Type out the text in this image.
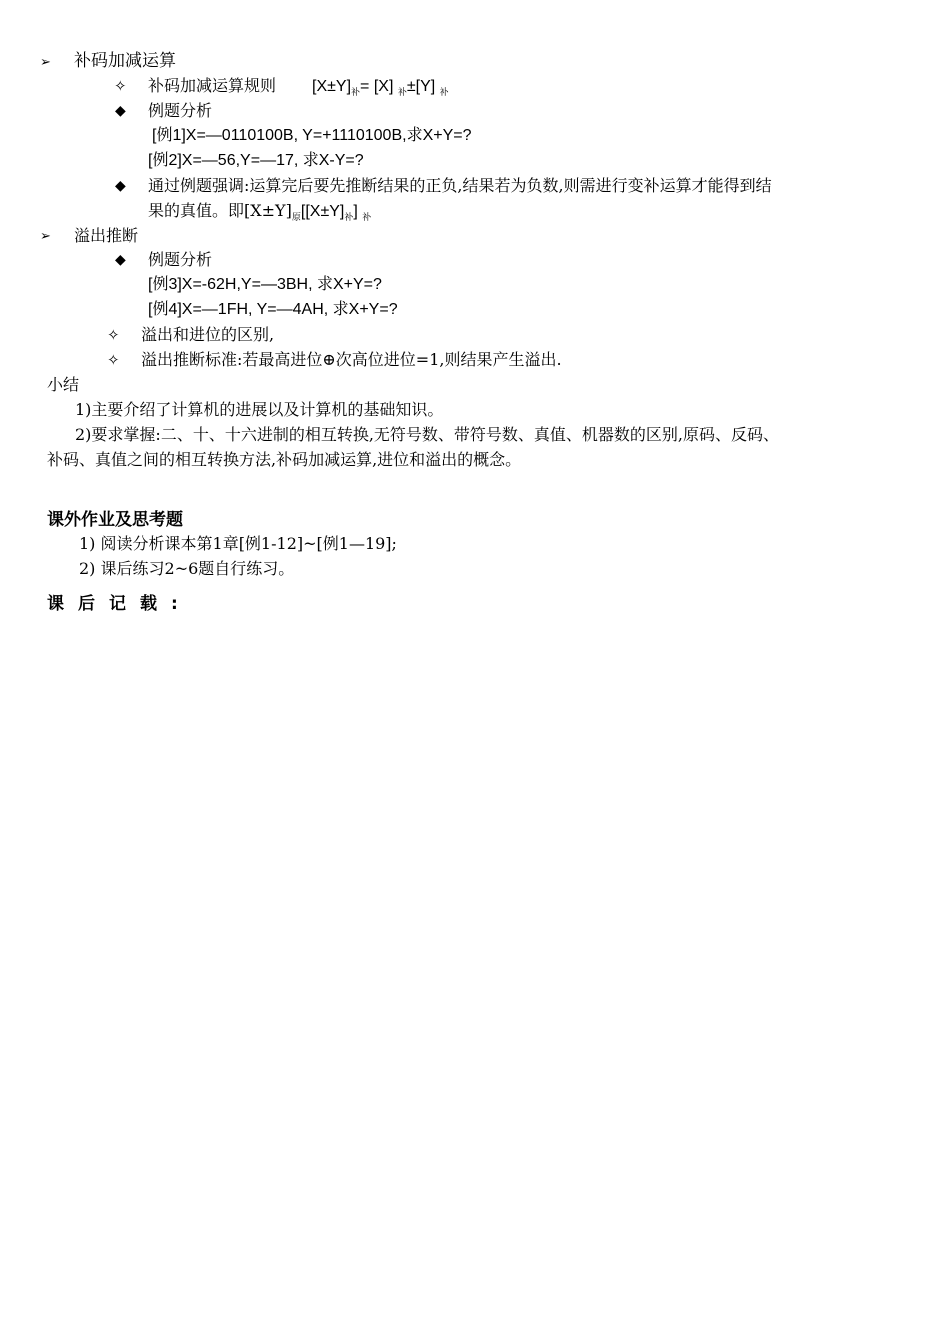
➢ 补码加减运算
✧ 补码加减运算规则 $[X\pm Y]_补= [X]$ $_补$±[Y] $_补$
◆ 例题分析
[例1]X=—0110100B, Y=+1110100B,求X+Y=?
[例2]X=—56,Y=—17, 求X-Y=?
◆ 通过例题强调:运算完后要先推断结果的正负,结果若为负数,则需进行变补运算才能得到结
果的真值。即$[X\pm Y]_原[[X\pm Y]_补]$ $_补$
➢ 溢出推断
◆ 例题分析
[例3]X=-62H,Y=—3BH, 求X+Y=?
[例4]X=—1FH, Y=—4AH, 求X+Y=?
✧ 溢出和进位的区别,
✧ 溢出推断标准:若最高进位⊕次高位进位=1,则结果产生溢出.
小结
1)主要介绍了计算机的进展以及计算机的基础知识。
2)要求掌握:二、十、十六进制的相互转换,无符号数、带符号数、真值、机器数的区别,原码、反码、
补码、真值之间的相互转换方法,补码加减运算,进位和溢出的概念。
课外作业及思考题
1) 阅读分析课本第1章[例1-12]~[例1—19];
2) 课后练习2~6题自行练习。
课后记载:
